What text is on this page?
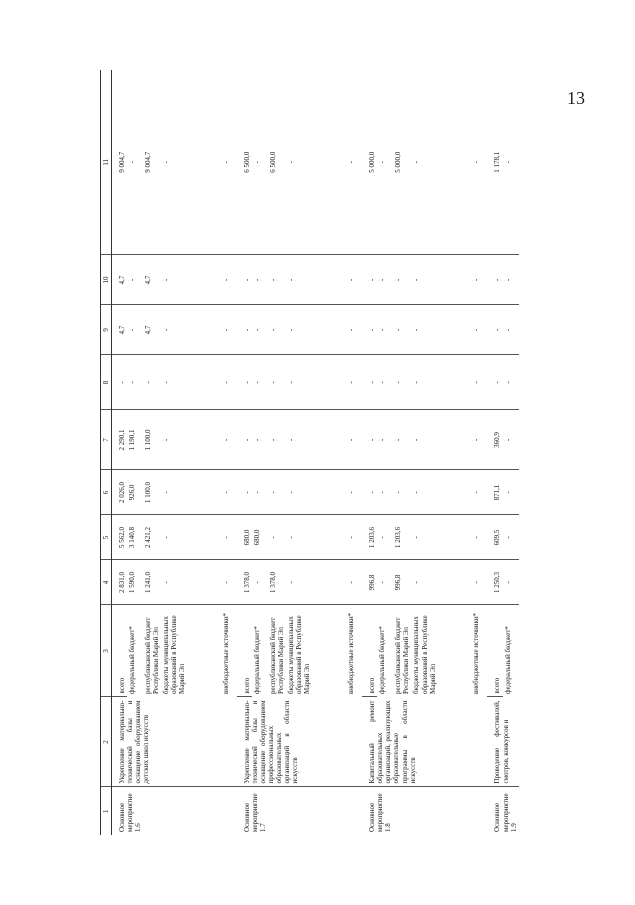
13
1	2	3	4	5	6	7	8	9	10	11
Основное мероприятие 1.6	Укрепление материально-технической базы и оснащение оборудованием детских школ искусств	всего	2 831,0	5 562,0	2 026,0	2 290,1	-	4,7	4,7	9 004,7
		федеральный бюджет*	1 590,0	3 140,8	926,0	1 190,1	-	-	-	-
		республиканский бюджет Республики Марий Эл	1 241,0	2 421,2	1 100,0	1 100,0	-	4,7	4,7	9 004,7
		бюджеты муниципальных образований в Республике Марий Эл	-	-	-	-	-	-	-	-
		внебюджетные источники*	-	-	-	-	-	-	-	-
Основное мероприятие 1.7	Укрепление материально-технической базы и оснащение оборудованием профессиональных образовательных организаций в области искусств	всего	1 378,0	680,0	-	-	-	-	-	6 500,0
		федеральный бюджет*	-	680,0	-	-	-	-	-	-
		республиканский бюджет Республики Марий Эл	1 378,0	-	-	-	-	-	-	6 500,0
		бюджеты муниципальных образований в Республике Марий Эл	-	-	-	-	-	-	-	-
		внебюджетные источники*	-	-	-	-	-	-	-	-
Основное мероприятие 1.8	Капитальный ремонт образовательных организаций, реализующих образовательные программы в области искусств	всего	996,8	1 203,6	-	-	-	-	-	5 000,0
		федеральный бюджет*	-	-	-	-	-	-	-	-
		республиканский бюджет Республики Марий Эл	996,8	1 203,6	-	-	-	-	-	5 000,0
		бюджеты муниципальных образований в Республике Марий Эл	-	-	-	-	-	-	-	-
		внебюджетные источники*	-	-	-	-	-	-	-	-
Основное мероприятие 1.9	Проведение фестивалей, смотров, конкурсов и	всего	1 250,3	609,5	871,1	360,9	-	-	-	1 178,1
		федеральный бюджет*	-	-	-	-	-	-	-	-
